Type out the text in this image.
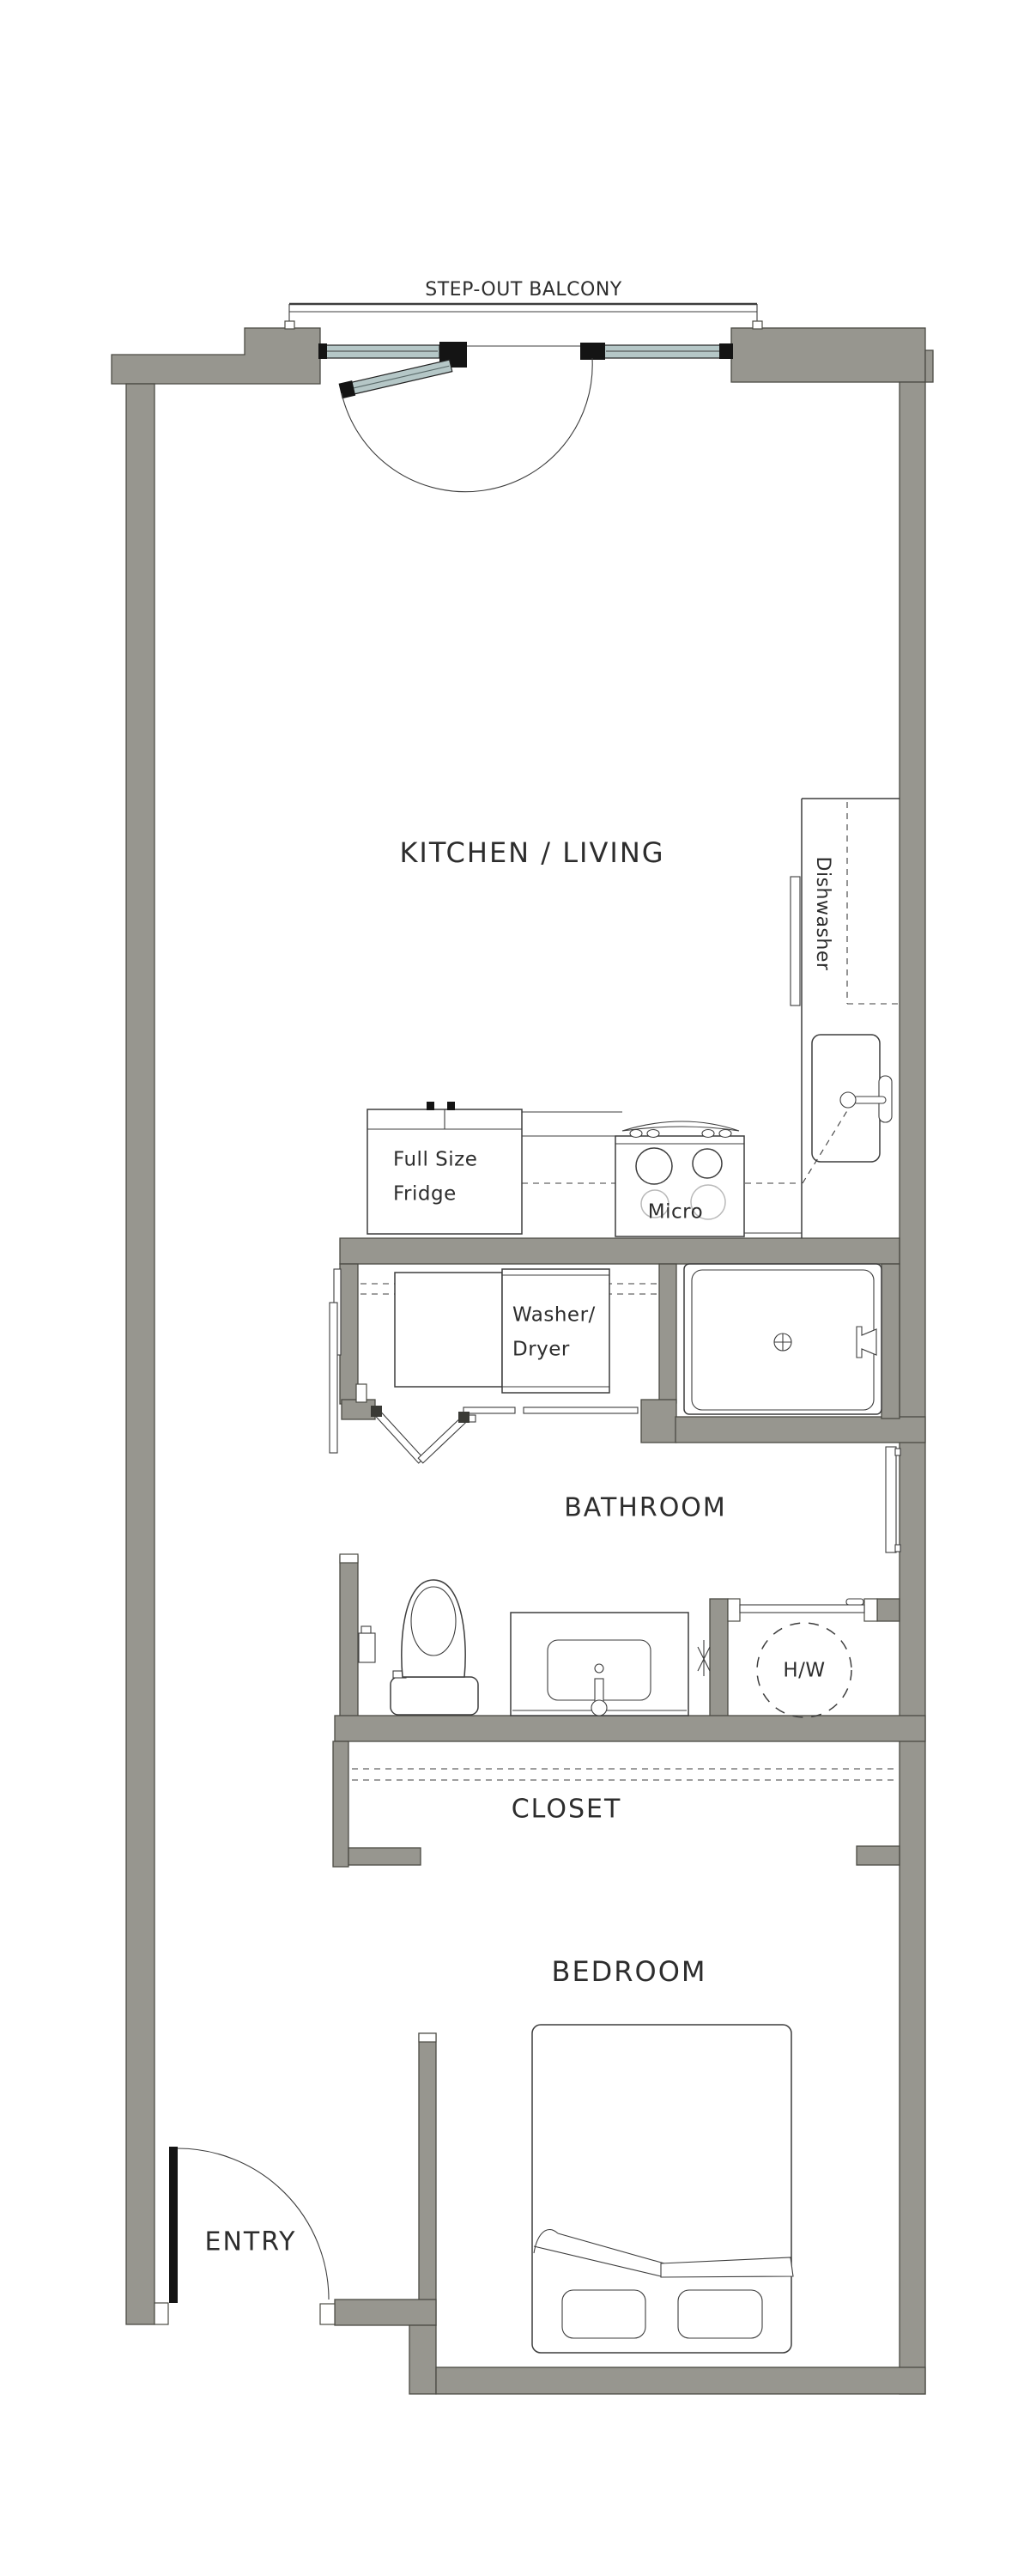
STEP-OUT BALCONY
Dishwasher
Full Size
Fridge
Micro
KITCHEN / LIVING
Washer/
Dryer
BATHROOM
H/W
CLOSET
BEDROOM
ENTRY
